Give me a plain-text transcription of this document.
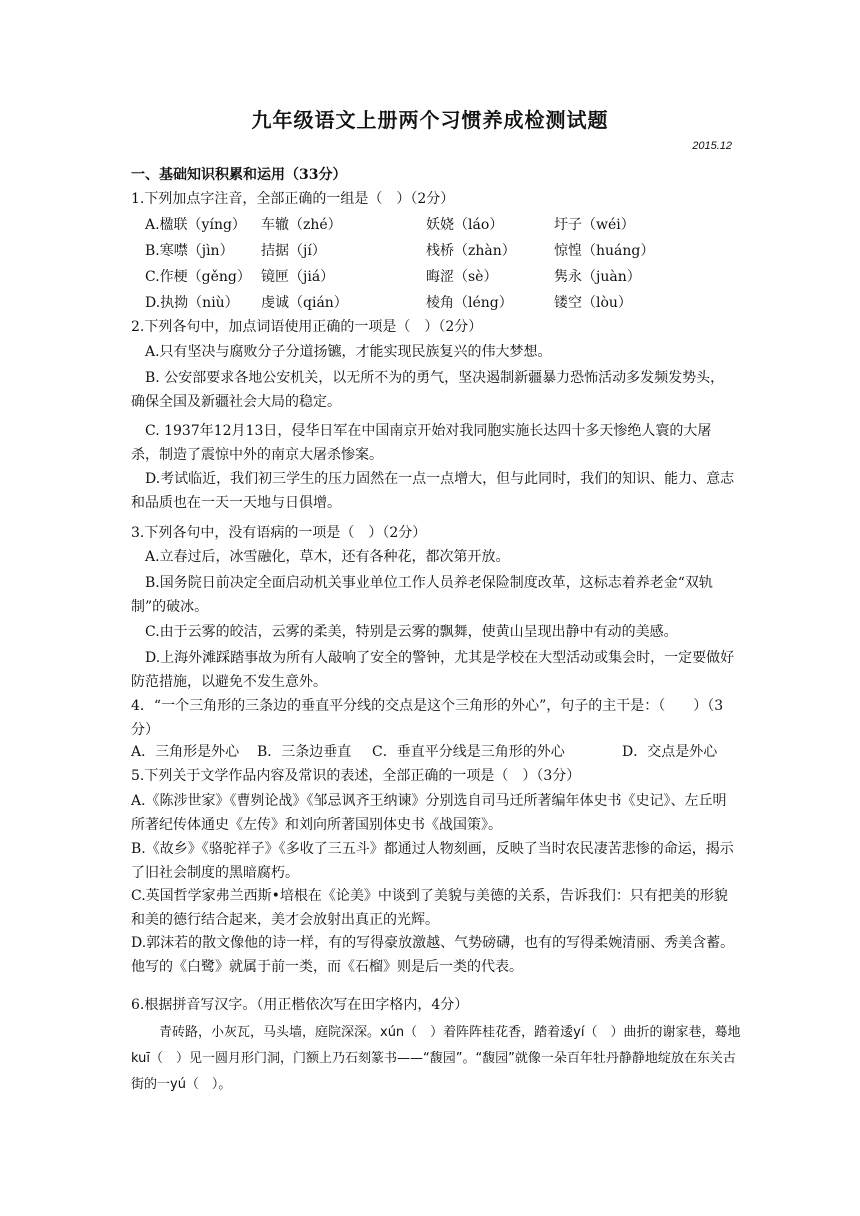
九年级语文上册两个习惯养成检测试题
2015.12
一、基础知识积累和运用（33分）
1.下列加点字注音，全部正确的一组是（　）（2分）
A.楹联（yíng） 车辙（zhé）	妖娆（láo）	圩子（wéi）
B.寒噤（jìn） 拮据（jí）	栈桥（zhàn）	惊惶（huáng）
C.作梗（gěng） 镜匣（jiá）	晦涩（sè）	隽永（juàn）
D.执拗（niù） 虔诚（qián）	棱角（léng）	镂空（lòu）
2.下列各句中，加点词语使用正确的一项是（　）（2分）
A.只有坚决与腐败分子分道扬镳，才能实现民族复兴的伟大梦想。
B. 公安部要求各地公安机关，以无所不为的勇气，坚决遏制新疆暴力恐怖活动多发频发势头，确保全国及新疆社会大局的稳定。
C. 1937年12月13日，侵华日军在中国南京开始对我同胞实施长达四十多天惨绝人寰的大屠杀，制造了震惊中外的南京大屠杀惨案。
D.考试临近，我们初三学生的压力固然在一点一点增大，但与此同时，我们的知识、能力、意志和品质也在一天一天地与日俱增。
3.下列各句中，没有语病的一项是（　）（2分）
A.立春过后，冰雪融化，草木，还有各种花，都次第开放。
B.国务院日前决定全面启动机关事业单位工作人员养老保险制度改革，这标志着养老金“双轨制”的破冰。
C.由于云雾的皎洁，云雾的柔美，特别是云雾的飘舞，使黄山呈现出静中有动的美感。
D.上海外滩踩踏事故为所有人敲响了安全的警钟，尤其是学校在大型活动或集会时，一定要做好防范措施，以避免不发生意外。
4．“一个三角形的三条边的垂直平分线的交点是这个三角形的外心”，句子的主干是：（　　）（3分）
A．三角形是外心 B．三条边垂直 C．垂直平分线是三角形的外心	D．交点是外心
5.下列关于文学作品内容及常识的表述，全部正确的一项是（　）（3分）
A.《陈涉世家》《曹刿论战》《邹忌讽齐王纳谏》分别选自司马迁所著编年体史书《史记》、左丘明所著纪传体通史《左传》和刘向所著国别体史书《战国策》。
B.《故乡》《骆驼祥子》《多收了三五斗》都通过人物刻画，反映了当时农民凄苦悲惨的命运，揭示了旧社会制度的黑暗腐朽。
C.英国哲学家弗兰西斯•培根在《论美》中谈到了美貌与美德的关系，告诉我们：只有把美的形貌和美的德行结合起来，美才会放射出真正的光辉。
D.郭沫若的散文像他的诗一样，有的写得豪放激越、气势磅礴，也有的写得柔婉清丽、秀美含蓄。他写的《白鹭》就属于前一类，而《石榴》则是后一类的代表。
6.根据拼音写汉字。（用正楷依次写在田字格内，4分）
青砖路，小灰瓦，马头墙，庭院深深。xún（　）着阵阵桂花香，踏着逶yí（　）曲折的谢家巷，蓦地kuī（　）见一圆月形门洞，门额上乃石刻篆书——“馥园”。“馥园”就像一朵百年牡丹静静地绽放在东关古街的一yú（　）。
